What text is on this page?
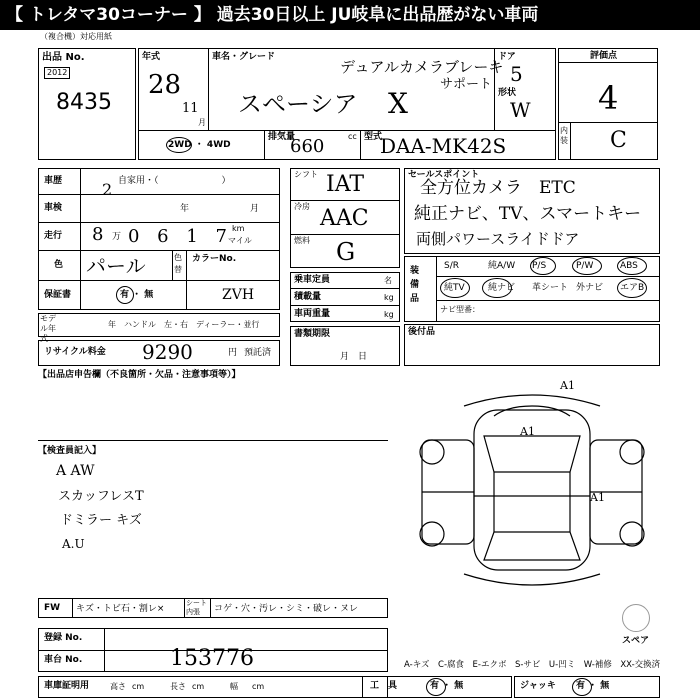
【 トレタマ30コーナー 】 過去30日以上 JU岐阜に出品歴がない車両
（複合機）対応用紙
出品 No.
2012
8435
年式
28
11
月
車名・グレード
デュアルカメラブレーキ
サポート
スペーシア X
ドア
5
形状
W
2WD ・ 4WD
排気量
660	cc 型式
DAA-MK42S
評価点
4
内装 C
車歴	自家用・（　　　　　　　）
2
車検	年	月
走行 8 万 0 6 1 7 km
マイル
色 パール	色替
カラーNo.
保証書	有 ・ 無	ZVH
モデル年式
年　ハンドル　左・右　ディーラー・並行
リサイクル料金 9290	円 預託済
シフト IAT
冷房 AAC
燃料 G
乗車定員	名
積載量	kg
車両重量	kg
書類期限
月　日
セールスポイント
全方位カメラ　ETC
純正ナビ、TV、スマートキー
両側パワースライドドア
装備品
S/R	純A/W P/S	P/W	ABS
純TV	純ナビ 革シート 外ナビ エアB
ナビ型番：
後付品
【出品店申告欄（不良箇所・欠品・注意事項等）】
【検査員記入】
A AW
スカッフレスT
ドミラー キズ
A.U
A1
A1
A1
FW キズ・トビ石・割レ×
シート内張	コゲ・穴・汚レ・シミ・破レ・ヌレ
スペア
登録 No.
車台 No.	153776	A-キズ　C-腐食　E-エクボ　S-サビ　U-凹ミ　W-補修　XX-交換済
車庫証明用	高さ cm	長さ cm	幅 cm	工　具	有 ・ 無	ジャッキ 有 ・ 無
